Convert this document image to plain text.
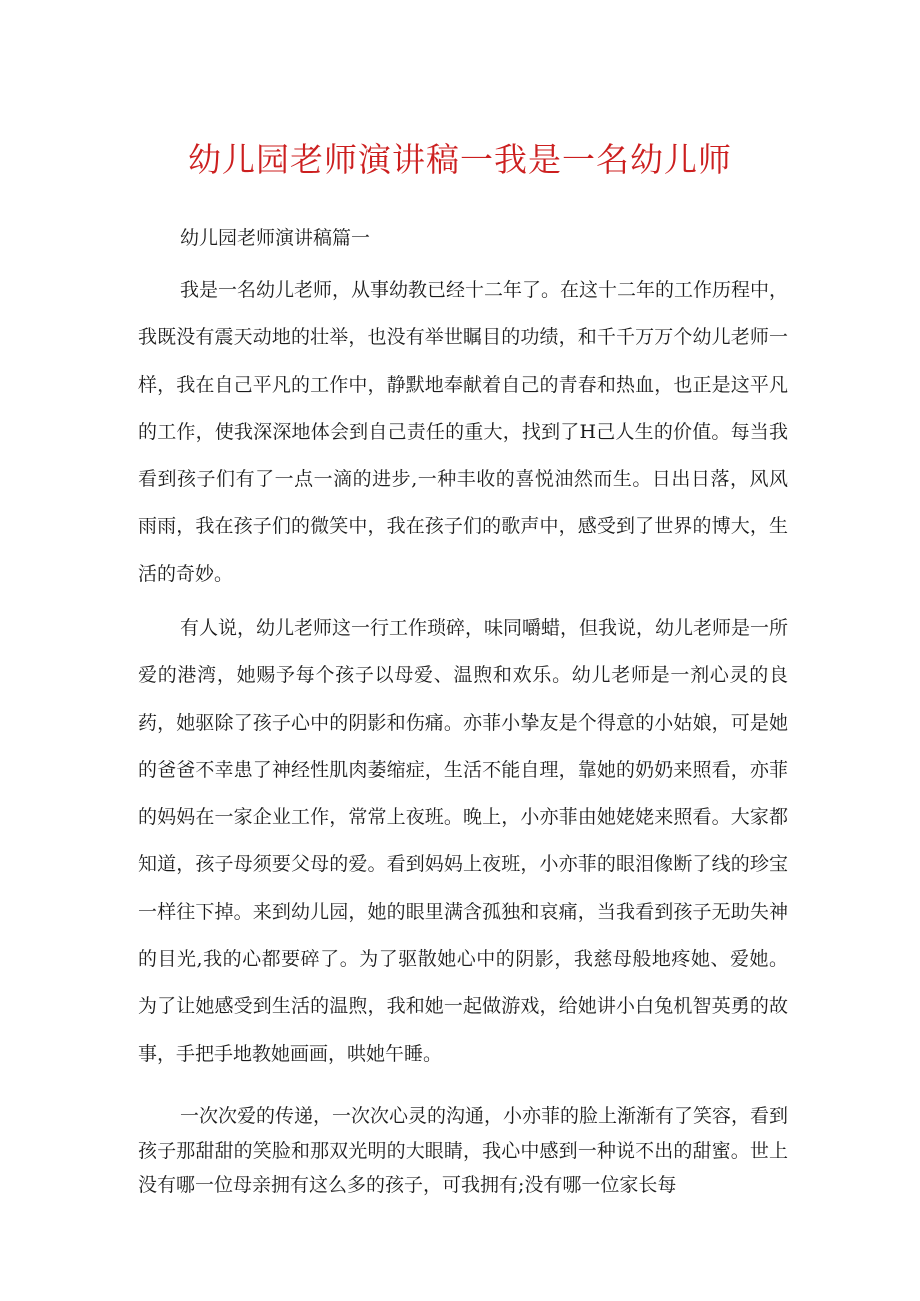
幼儿园老师演讲稿一我是一名幼儿师

幼儿园老师演讲稿篇一

我是一名幼儿老师，从事幼教已经十二年了。在这十二年的工作历程中，我既没有震天动地的壮举，也没有举世瞩目的功绩，和千千万万个幼儿老师一样，我在自己平凡的工作中，静默地奉献着自己的青春和热血，也正是这平凡的工作，使我深深地体会到自己责任的重大，找到了H己人生的价值。每当我看到孩子们有了一点一滴的进步,一种丰收的喜悦油然而生。日出日落，风风雨雨，我在孩子们的微笑中，我在孩子们的歌声中，感受到了世界的博大，生活的奇妙。

有人说，幼儿老师这一行工作琐碎，味同嚼蜡，但我说，幼儿老师是一所爱的港湾，她赐予每个孩子以母爱、温煦和欢乐。幼儿老师是一剂心灵的良药，她驱除了孩子心中的阴影和伤痛。亦菲小挚友是个得意的小姑娘，可是她的爸爸不幸患了神经性肌肉萎缩症，生活不能自理，靠她的奶奶来照看，亦菲的妈妈在一家企业工作，常常上夜班。晚上，小亦菲由她姥姥来照看。大家都知道，孩子母须要父母的爱。看到妈妈上夜班，小亦菲的眼泪像断了线的珍宝一样往下掉。来到幼儿园，她的眼里满含孤独和哀痛，当我看到孩子无助失神的目光,我的心都要碎了。为了驱散她心中的阴影，我慈母般地疼她、爱她。为了让她感受到生活的温煦，我和她一起做游戏，给她讲小白兔机智英勇的故事，手把手地教她画画，哄她午睡。

一次次爱的传递，一次次心灵的沟通，小亦菲的脸上渐渐有了笑容，看到孩子那甜甜的笑脸和那双光明的大眼睛，我心中感到一种说不出的甜蜜。世上没有哪一位母亲拥有这么多的孩子，可我拥有;没有哪一位家长每
